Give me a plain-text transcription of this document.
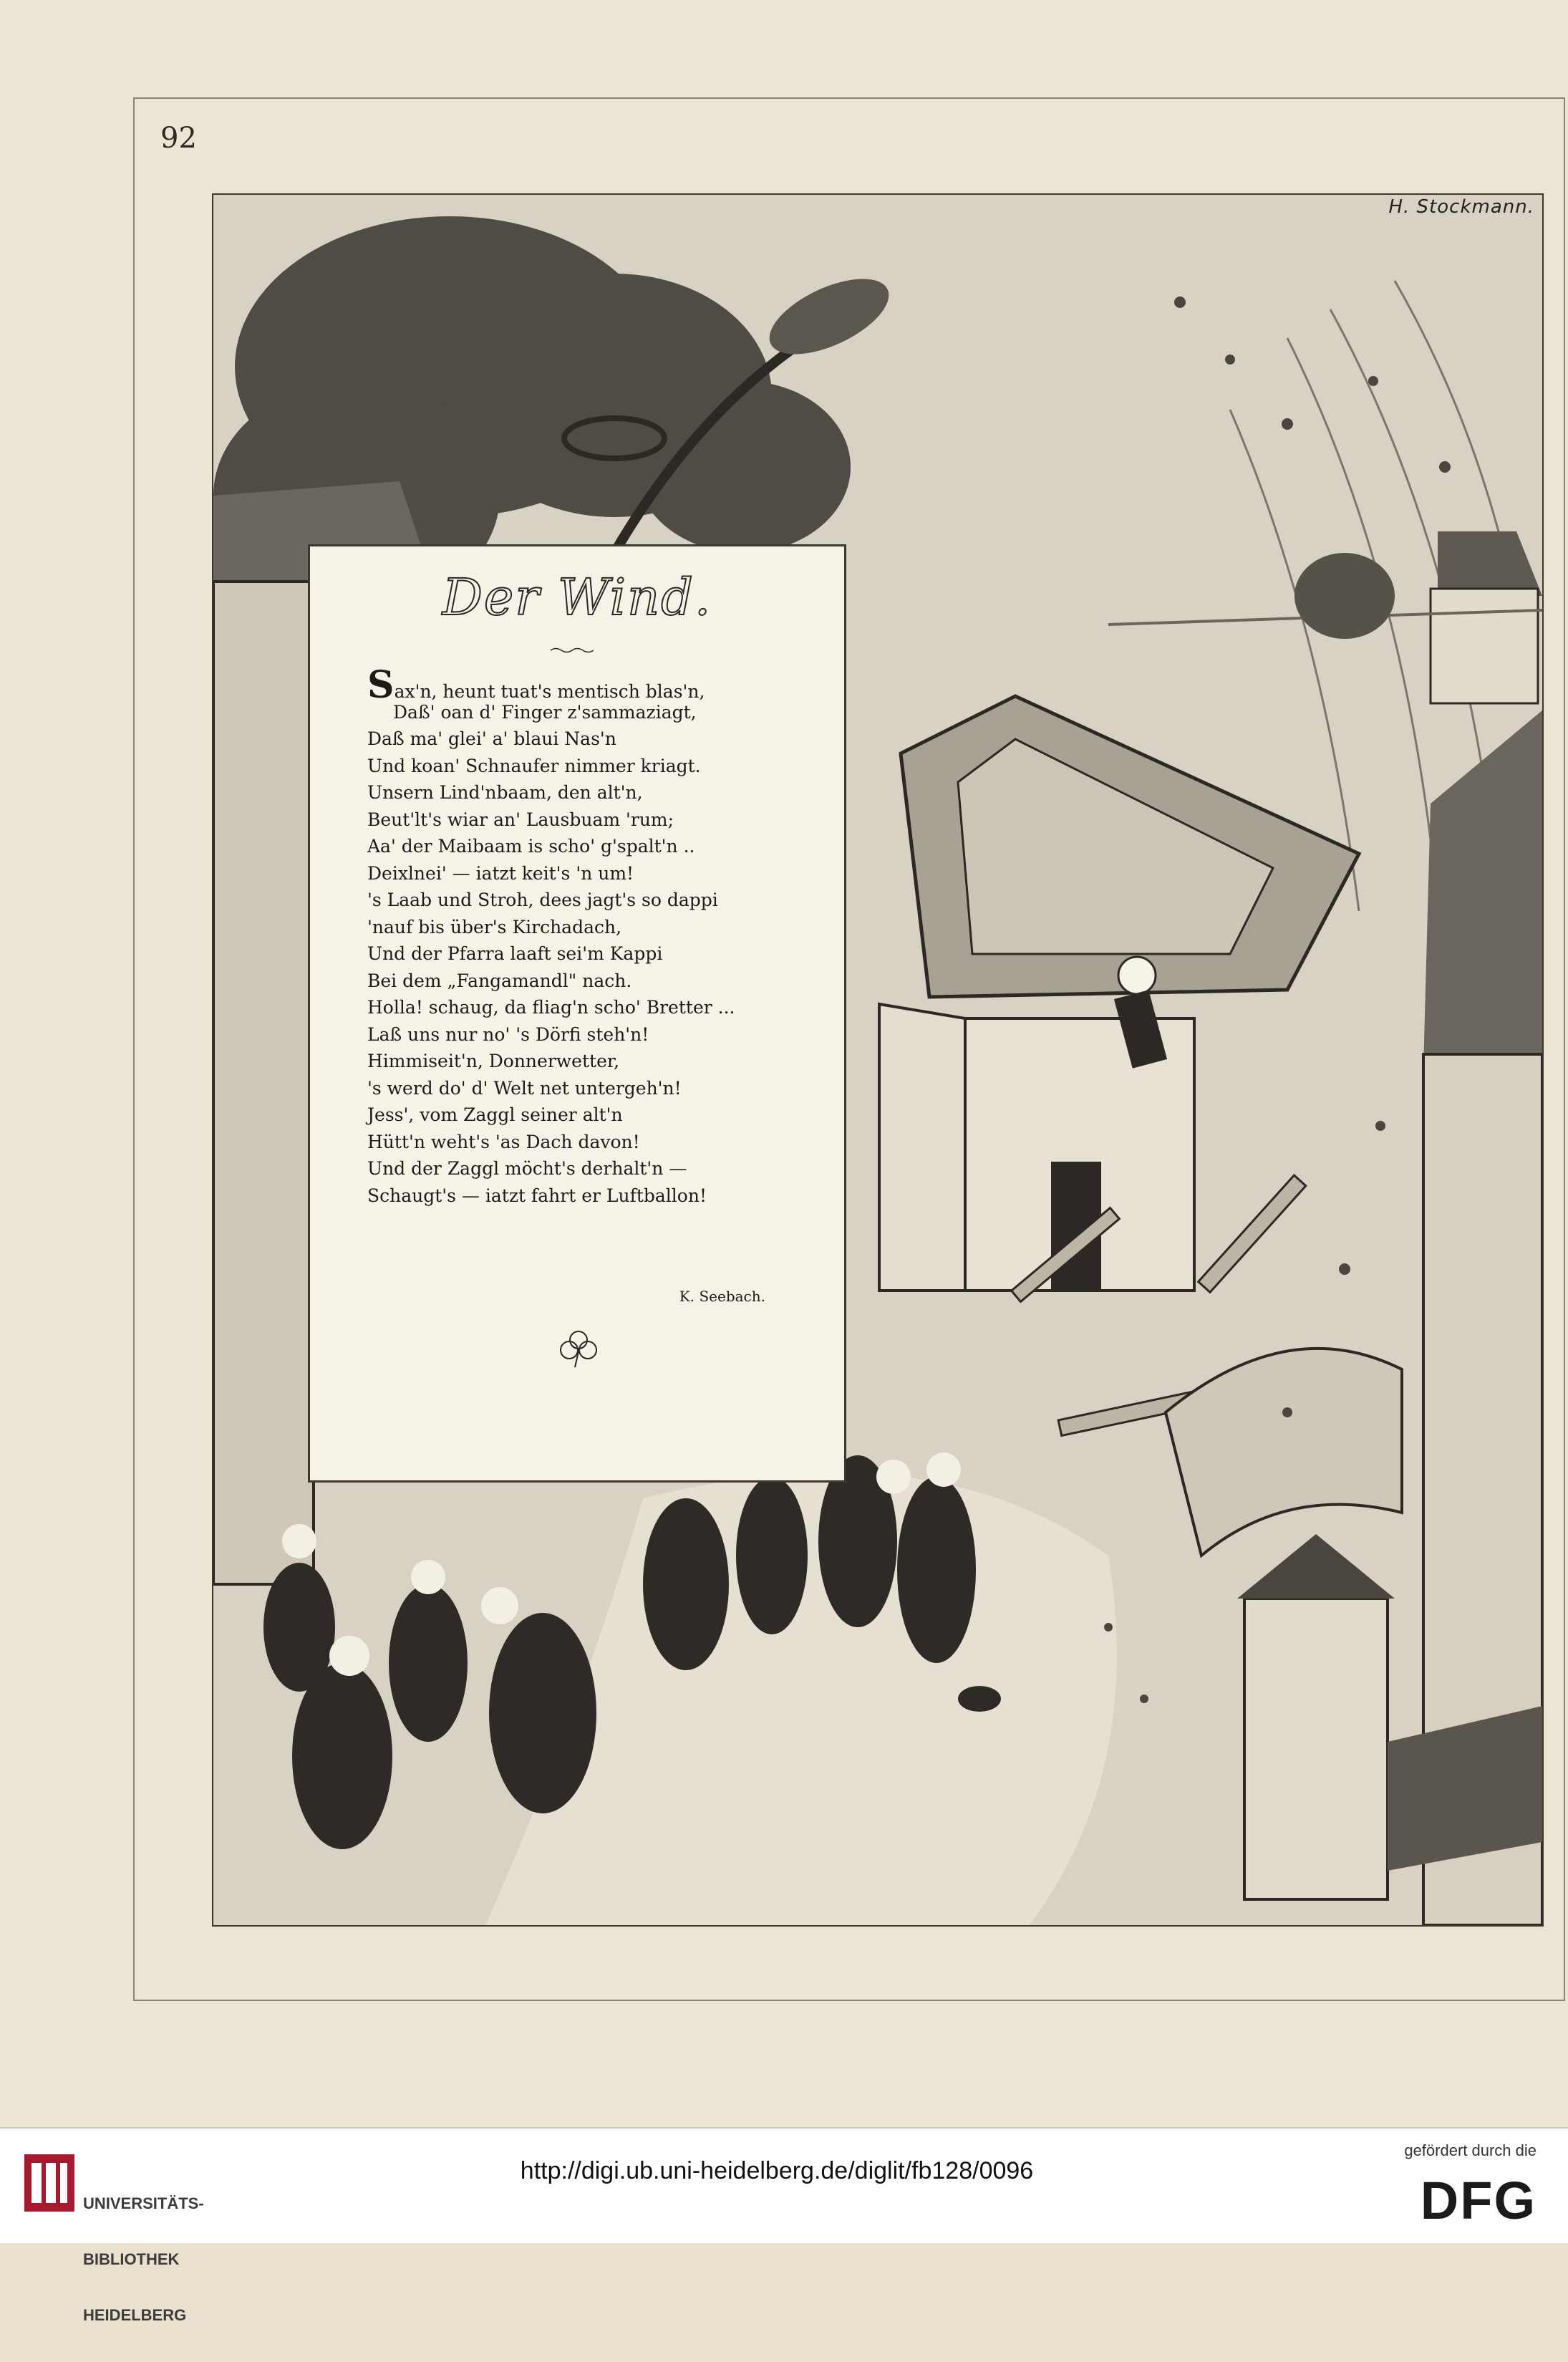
92
H. Stockmann.
Der Wind.
Sax'n, heunt tuat's mentisch blas'n,
Daß' oan d' Finger z'sammaziagt,
Daß ma' glei' a' blaui Nas'n
Und koan' Schnaufer nimmer kriagt.
Unsern Lind'nbaam, den alt'n,
Beut'lt's wiar an' Lausbuam 'rum;
Aa' der Maibaam is scho' g'spalt'n ..
Deixlnei' — iatzt keit's 'n um!
's Laab und Stroh, dees jagt's so dappi
'nauf bis über's Kirchadach,
Und der Pfarra laaft sei'm Kappi
Bei dem „Fangamandl" nach.
Holla! schaug, da fliag'n scho' Bretter ...
Laß uns nur no' 's Dörfi steh'n!
Himmiseit'n, Donnerwetter,
's werd do' d' Welt net untergeh'n!
Jess', vom Zaggl seiner alt'n
Hütt'n weht's 'as Dach davon!
Und der Zaggl möcht's derhalt'n —
Schaugt's — iatzt fahrt er Luftballon!
K. Seebach.

UNIVERSITÄTS-

BIBLIOTHEK

HEIDELBERG

http://digi.ub.uni-heidelberg.de/diglit/fb128/0096
gefördert durch die
DFG
